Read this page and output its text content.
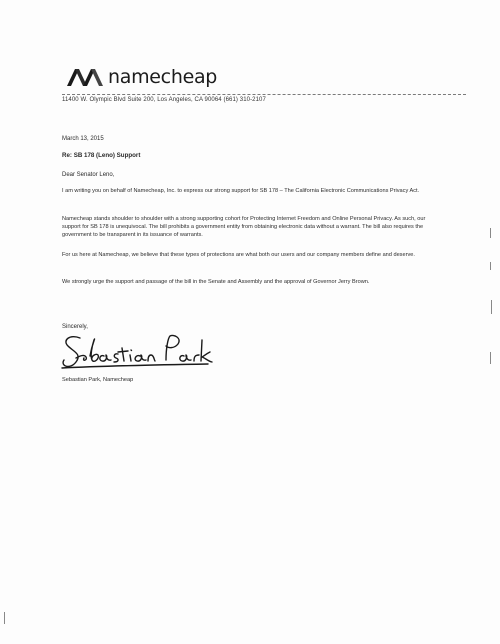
namecheap
11400 W. Olympic Blvd Suite 200, Los Angeles, CA 90064 (661) 310-2107
March 13, 2015
Re: SB 178 (Leno) Support
Dear Senator Leno,
I am writing you on behalf of Namecheap, Inc. to express our strong support for SB 178 – The California Electronic Communications Privacy Act.
Namecheap stands shoulder to shoulder with a strong supporting cohort for Protecting Internet Freedom and Online Personal Privacy. As such, our support for SB 178 is unequivocal. The bill prohibits a government entity from obtaining electronic data without a warrant. The bill also requires the government to be transparent in its issuance of warrants.
For us here at Namecheap, we believe that these types of protections are what both our users and our company members define and deserve.
We strongly urge the support and passage of the bill in the Senate and Assembly and the approval of Governor Jerry Brown.
Sincerely,
Sebastian Park, Namecheap
